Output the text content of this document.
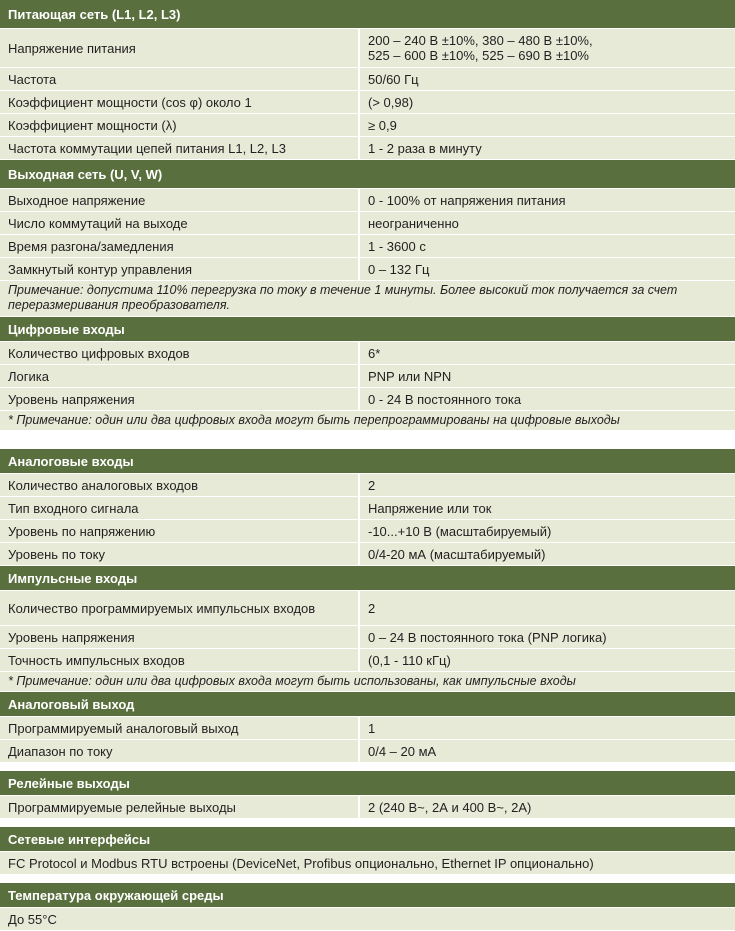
Питающая сеть (L1, L2, L3)
Напряжение питания	200 – 240 В ±10%, 380 – 480 В ±10%,
525 – 600 В ±10%, 525 – 690 В ±10%
Частота	50/60 Гц
Коэффициент мощности (cos φ) около 1	(> 0,98)
Коэффициент мощности (λ)	≥ 0,9
Частота коммутации цепей питания L1, L2, L3	1 - 2 раза в минуту
Выходная сеть (U, V, W)
Выходное напряжение	0 - 100% от напряжения питания
Число коммутаций на выходе	неограниченно
Время разгона/замедления	1 - 3600 с
Замкнутый контур управления	0 – 132 Гц
Примечание: допустима 110% перегрузка по току в течение 1 минуты. Более высокий ток получается за счет переразмеривания преобразователя.
Цифровые входы
Количество цифровых входов	6*
Логика	PNP или NPN
Уровень напряжения	0 - 24 В постоянного тока
* Примечание: один или два цифровых входа могут быть перепрограммированы на цифровые выходы
Аналоговые входы
Количество аналоговых входов	2
Тип входного сигнала	Напряжение или ток
Уровень по напряжению	-10...+10 В (масштабируемый)
Уровень по току	0/4-20 мА (масштабируемый)
Импульсные входы
Количество программируемых импульсных входов	2
Уровень напряжения	0 – 24 В постоянного тока (PNP логика)
Точность импульсных входов	(0,1 - 110 кГц)
* Примечание: один или два цифровых входа могут быть использованы, как импульсные входы
Аналоговый выход
Программируемый аналоговый выход	1
Диапазон по току	0/4 – 20 мА
Релейные выходы
Программируемые релейные выходы	2 (240 В~, 2А и 400 В~, 2А)
Сетевые интерфейсы
FC Protocol и Modbus RTU встроены (DeviceNet, Profibus опционально, Ethernet IP опционально)
Температура окружающей среды
До 55°C
